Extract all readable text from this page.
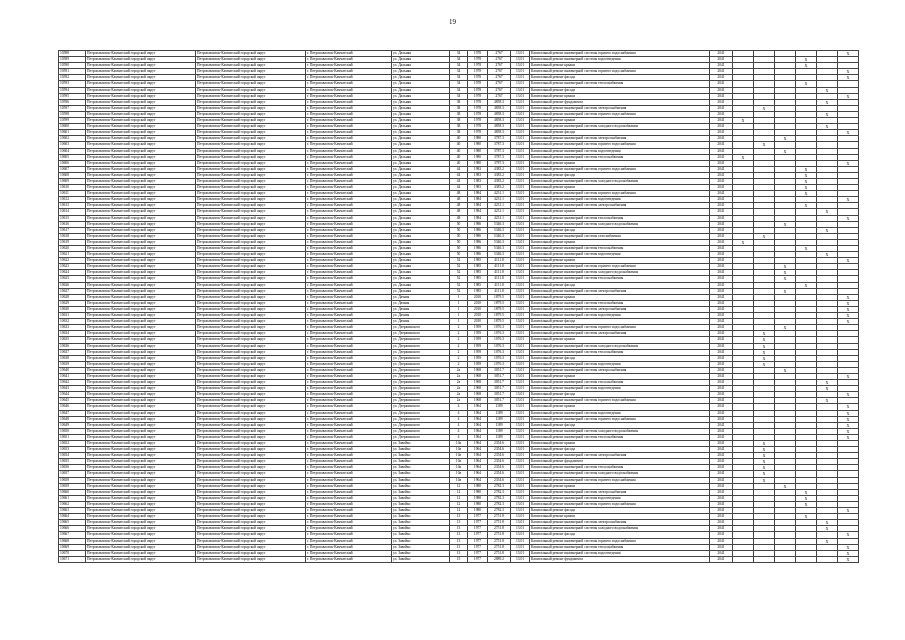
19
10588	Петропавловск-Камчатский городской округ	Петропавловск-Камчатский городской округ	г. Петропавловск-Камчатский	ул. Дальняя	34	1978	2767	13.01	Капитальный ремонт инженерной системы горячего водоснабжения	2041						X
10589	Петропавловск-Камчатский городской округ	Петропавловск-Камчатский городской округ	г. Петропавловск-Камчатский	ул. Дальняя	34	1978	2767	13.01	Капитальный ремонт инженерной системы водоотведения	2041				X		
10590	Петропавловск-Камчатский городской округ	Петропавловск-Камчатский городской округ	г. Петропавловск-Камчатский	ул. Дальняя	34	1978	2767	13.01	Капитальный ремонт крыши	2041				X		
10591	Петропавловск-Камчатский городской округ	Петропавловск-Камчатский городской округ	г. Петропавловск-Камчатский	ул. Дальняя	34	1978	2767	13.01	Капитальный ремонт инженерной системы горячего водоснабжения	2041						X
10592	Петропавловск-Камчатский городской округ	Петропавловск-Камчатский городской округ	г. Петропавловск-Камчатский	ул. Дальняя	34	1978	2767	13.01	Капитальный ремонт фасада	2041						X
10593	Петропавловск-Камчатский городской округ	Петропавловск-Камчатский городской округ	г. Петропавловск-Камчатский	ул. Дальняя	34	1978	2767	13.01	Капитальный ремонт инженерной системы теплоснабжения	2041				X		
10594	Петропавловск-Камчатский городской округ	Петропавловск-Камчатский городской округ	г. Петропавловск-Камчатский	ул. Дальняя	34	1978	2767	13.01	Капитальный ремонт фасада	2041					X	
10595	Петропавловск-Камчатский городской округ	Петропавловск-Камчатский городской округ	г. Петропавловск-Камчатский	ул. Дальняя	34	1978	2767	13.01	Капитальный ремонт крыши	2041						X
10596	Петропавловск-Камчатский городской округ	Петропавловск-Камчатский городской округ	г. Петропавловск-Камчатский	ул. Дальняя	38	1978	4858.3	13.01	Капитальный ремонт фундамента	2041					X	
10597	Петропавловск-Камчатский городской округ	Петропавловск-Камчатский городской округ	г. Петропавловск-Камчатский	ул. Дальняя	38	1978	4858.3	13.01	Капитальный ремонт инженерной системы электроснабжения	2041		X				
10598	Петропавловск-Камчатский городской округ	Петропавловск-Камчатский городской округ	г. Петропавловск-Камчатский	ул. Дальняя	38	1978	4858.3	13.01	Капитальный ремонт инженерной системы горячего водоснабжения	2041					X	
10599	Петропавловск-Камчатский городской округ	Петропавловск-Камчатский городской округ	г. Петропавловск-Камчатский	ул. Дальняя	38	1978	4858.3	13.01	Капитальный ремонт крыши	2041	X					
10600	Петропавловск-Камчатский городской округ	Петропавловск-Камчатский городской округ	г. Петропавловск-Камчатский	ул. Дальняя	38	1978	4858.3	13.01	Капитальный ремонт инженерной системы холодного водоснабжения	2041					X	
10601	Петропавловск-Камчатский городской округ	Петропавловск-Камчатский городской округ	г. Петропавловск-Камчатский	ул. Дальняя	38	1978	4858.3	13.01	Капитальный ремонт фасада	2041						X
10602	Петропавловск-Камчатский городской округ	Петропавловск-Камчатский городской округ	г. Петропавловск-Камчатский	ул. Дальняя	40	1980	3787.3	13.01	Капитальный ремонт инженерной системы электроснабжения	2041			X			
10603	Петропавловск-Камчатский городской округ	Петропавловск-Камчатский городской округ	г. Петропавловск-Камчатский	ул. Дальняя	40	1980	3787.3	13.01	Капитальный ремонт инженерной системы горячего водоснабжения	2041		X				
10604	Петропавловск-Камчатский городской округ	Петропавловск-Камчатский городской округ	г. Петропавловск-Камчатский	ул. Дальняя	40	1980	3787.3	13.01	Капитальный ремонт инженерной системы водоотведения	2041			X			
10605	Петропавловск-Камчатский городской округ	Петропавловск-Камчатский городской округ	г. Петропавловск-Камчатский	ул. Дальняя	40	1980	3787.3	13.01	Капитальный ремонт инженерной системы теплоснабжения	2041	X					
10606	Петропавловск-Камчатский городской округ	Петропавловск-Камчатский городской округ	г. Петропавловск-Камчатский	ул. Дальняя	40	1980	3787.3	13.01	Капитальный ремонт крыши	2041						X
10607	Петропавловск-Камчатский городской округ	Петропавловск-Камчатский городской округ	г. Петропавловск-Камчатский	ул. Дальняя	44	1983	4383.2	13.01	Капитальный ремонт инженерной системы горячего водоснабжения	2041				X		
10608	Петропавловск-Камчатский городской округ	Петропавловск-Камчатский городской округ	г. Петропавловск-Камчатский	ул. Дальняя	44	1983	4383.2	13.01	Капитальный ремонт фасада	2041				X		
10609	Петропавловск-Камчатский городской округ	Петропавловск-Камчатский городской округ	г. Петропавловск-Камчатский	ул. Дальняя	44	1983	4383.2	13.01	Капитальный ремонт инженерной системы холодного водоснабжения	2041				X		
10610	Петропавловск-Камчатский городской округ	Петропавловск-Камчатский городской округ	г. Петропавловск-Камчатский	ул. Дальняя	44	1983	4383.2	13.01	Капитальный ремонт крыши	2041				X		
10611	Петропавловск-Камчатский городской округ	Петропавловск-Камчатский городской округ	г. Петропавловск-Камчатский	ул. Дальняя	48	1984	4231.1	13.01	Капитальный ремонт инженерной системы горячего водоснабжения	2041				X		
10612	Петропавловск-Камчатский городской округ	Петропавловск-Камчатский городской округ	г. Петропавловск-Камчатский	ул. Дальняя	48	1984	4231.1	13.01	Капитальный ремонт инженерной системы водоотведения	2041						X
10613	Петропавловск-Камчатский городской округ	Петропавловск-Камчатский городской округ	г. Петропавловск-Камчатский	ул. Дальняя	48	1984	4231.1	13.01	Капитальный ремонт инженерной системы электроснабжения	2041				X		
10614	Петропавловск-Камчатский городской округ	Петропавловск-Камчатский городской округ	г. Петропавловск-Камчатский	ул. Дальняя	48	1984	4231.1	13.01	Капитальный ремонт крыши	2041					X	
10615	Петропавловск-Камчатский городской округ	Петропавловск-Камчатский городской округ	г. Петропавловск-Камчатский	ул. Дальняя	48	1984	4231.1	13.01	Капитальный ремонт инженерной системы теплоснабжения	2041						X
10616	Петропавловск-Камчатский городской округ	Петропавловск-Камчатский городской округ	г. Петропавловск-Камчатский	ул. Дальняя	50	1986	5346.3	13.01	Капитальный ремонт инженерной системы холодного водоснабжения	2041			X			
10617	Петропавловск-Камчатский городской округ	Петропавловск-Камчатский городской округ	г. Петропавловск-Камчатский	ул. Дальняя	50	1986	5346.3	13.01	Капитальный ремонт фасада	2041					X	
10618	Петропавловск-Камчатский городской округ	Петропавловск-Камчатский городской округ	г. Петропавловск-Камчатский	ул. Дальняя	50	1986	5346.3	13.01	Капитальный ремонт инженерной системы газоснабжения	2041		X				
10619	Петропавловск-Камчатский городской округ	Петропавловск-Камчатский городской округ	г. Петропавловск-Камчатский	ул. Дальняя	50	1986	5346.3	13.01	Капитальный ремонт крыши	2041	X					
10620	Петропавловск-Камчатский городской округ	Петропавловск-Камчатский городской округ	г. Петропавловск-Камчатский	ул. Дальняя	50	1986	5346.3	13.01	Капитальный ремонт инженерной системы теплоснабжения	2041				X		
10621	Петропавловск-Камчатский городской округ	Петропавловск-Камчатский городской округ	г. Петропавловск-Камчатский	ул. Дальняя	50	1986	5346.3	13.01	Капитальный ремонт инженерной системы водоотведения	2041					X	
10622	Петропавловск-Камчатский городской округ	Петропавловск-Камчатский городской округ	г. Петропавловск-Камчатский	ул. Дальняя	52	1985	4111.8	13.01	Капитальный ремонт крыши	2041						X
10623	Петропавловск-Камчатский городской округ	Петропавловск-Камчатский городской округ	г. Петропавловск-Камчатский	ул. Дальняя	52	1985	4111.8	13.01	Капитальный ремонт инженерной системы горячего водоснабжения	2041			X			
10624	Петропавловск-Камчатский городской округ	Петропавловск-Камчатский городской округ	г. Петропавловск-Камчатский	ул. Дальняя	52	1985	4111.8	13.01	Капитальный ремонт инженерной системы холодного водоснабжения	2041			X			
10625	Петропавловск-Камчатский городской округ	Петропавловск-Камчатский городской округ	г. Петропавловск-Камчатский	ул. Дальняя	52	1985	4111.8	13.01	Капитальный ремонт инженерной системы теплоснабжения	2041			X			
10626	Петропавловск-Камчатский городской округ	Петропавловск-Камчатский городской округ	г. Петропавловск-Камчатский	ул. Дальняя	52	1985	4111.8	13.01	Капитальный ремонт фасада	2041				X		
10627	Петропавловск-Камчатский городской округ	Петропавловск-Камчатский городской округ	г. Петропавловск-Камчатский	ул. Дальняя	52	1985	4111.8	13.01	Капитальный ремонт инженерной системы электроснабжения	2041			X			
10628	Петропавловск-Камчатский городской округ	Петропавловск-Камчатский городской округ	г. Петропавловск-Камчатский	ул. Дачная	1	2010	1879.5	13.01	Капитальный ремонт крыши	2041						X
10629	Петропавловск-Камчатский городской округ	Петропавловск-Камчатский городской округ	г. Петропавловск-Камчатский	ул. Дачная	1	2010	1879.5	13.01	Капитальный ремонт инженерной системы теплоснабжения	2041						X
10630	Петропавловск-Камчатский городской округ	Петропавловск-Камчатский городской округ	г. Петропавловск-Камчатский	ул. Дачная	1	2010	1879.5	13.01	Капитальный ремонт инженерной системы электроснабжения	2041						X
10631	Петропавловск-Камчатский городской округ	Петропавловск-Камчатский городской округ	г. Петропавловск-Камчатский	ул. Дачная	1	2010	1879.5	13.01	Капитальный ремонт инженерной системы водоотведения	2041						X
10632	Петропавловск-Камчатский городской округ	Петропавловск-Камчатский городской округ	г. Петропавловск-Камчатский	ул. Дачная	1	2010	1879.5	13.01	Капитальный ремонт фасада	2041						X
10633	Петропавловск-Камчатский городской округ	Петропавловск-Камчатский городской округ	г. Петропавловск-Камчатский	ул. Дзержинского	2	1959	1076.3	13.01	Капитальный ремонт инженерной системы горячего водоснабжения	2041			X			
10634	Петропавловск-Камчатский городской округ	Петропавловск-Камчатский городской округ	г. Петропавловск-Камчатский	ул. Дзержинского	2	1959	1076.3	13.01	Капитальный ремонт инженерной системы электроснабжения	2041		X				
10635	Петропавловск-Камчатский городской округ	Петропавловск-Камчатский городской округ	г. Петропавловск-Камчатский	ул. Дзержинского	2	1959	1076.3	13.01	Капитальный ремонт крыши	2041		X				
10636	Петропавловск-Камчатский городской округ	Петропавловск-Камчатский городской округ	г. Петропавловск-Камчатский	ул. Дзержинского	2	1959	1076.3	13.01	Капитальный ремонт инженерной системы холодного водоснабжения	2041		X				
10637	Петропавловск-Камчатский городской округ	Петропавловск-Камчатский городской округ	г. Петропавловск-Камчатский	ул. Дзержинского	2	1959	1076.3	13.01	Капитальный ремонт инженерной системы теплоснабжения	2041		X				
10638	Петропавловск-Камчатский городской округ	Петропавловск-Камчатский городской округ	г. Петропавловск-Камчатский	ул. Дзержинского	2	1959	1076.3	13.01	Капитальный ремонт фасада	2041		X				
10639	Петропавловск-Камчатский городской округ	Петропавловск-Камчатский городской округ	г. Петропавловск-Камчатский	ул. Дзержинского	2	1959	1076.3	13.01	Капитальный ремонт инженерной системы водоотведения	2041		X				
10640	Петропавловск-Камчатский городской округ	Петропавловск-Камчатский городской округ	г. Петропавловск-Камчатский	ул. Дзержинского	2а	1968	3051.7	13.01	Капитальный ремонт инженерной системы электроснабжения	2041			X			
10641	Петропавловск-Камчатский городской округ	Петропавловск-Камчатский городской округ	г. Петропавловск-Камчатский	ул. Дзержинского	2а	1968	3051.7	13.01	Капитальный ремонт крыши	2041						X
10642	Петропавловск-Камчатский городской округ	Петропавловск-Камчатский городской округ	г. Петропавловск-Камчатский	ул. Дзержинского	2а	1968	3051.7	13.01	Капитальный ремонт инженерной системы теплоснабжения	2041					X	
10643	Петропавловск-Камчатский городской округ	Петропавловск-Камчатский городской округ	г. Петропавловск-Камчатский	ул. Дзержинского	2а	1968	3051.7	13.01	Капитальный ремонт инженерной системы водоотведения	2041					X	
10644	Петропавловск-Камчатский городской округ	Петропавловск-Камчатский городской округ	г. Петропавловск-Камчатский	ул. Дзержинского	2а	1968	3051.7	13.01	Капитальный ремонт фасада	2041						X
10645	Петропавловск-Камчатский городской округ	Петропавловск-Камчатский городской округ	г. Петропавловск-Камчатский	ул. Дзержинского	2а	1968	3051.7	13.01	Капитальный ремонт инженерной системы горячего водоснабжения	2041					X	
10646	Петропавловск-Камчатский городской округ	Петропавловск-Камчатский городской округ	г. Петропавловск-Камчатский	ул. Дзержинского	4	1964	1189	13.01	Капитальный ремонт крыши	2041						X
10647	Петропавловск-Камчатский городской округ	Петропавловск-Камчатский городской округ	г. Петропавловск-Камчатский	ул. Дзержинского	4	1964	1189	13.01	Капитальный ремонт инженерной системы водоотведения	2041						X
10648	Петропавловск-Камчатский городской округ	Петропавловск-Камчатский городской округ	г. Петропавловск-Камчатский	ул. Дзержинского	4	1964	1189	13.01	Капитальный ремонт инженерной системы горячего водоснабжения	2041						X
10649	Петропавловск-Камчатский городской округ	Петропавловск-Камчатский городской округ	г. Петропавловск-Камчатский	ул. Дзержинского	4	1964	1189	13.01	Капитальный ремонт фасада	2041						X
10650	Петропавловск-Камчатский городской округ	Петропавловск-Камчатский городской округ	г. Петропавловск-Камчатский	ул. Дзержинского	4	1964	1189	13.01	Капитальный ремонт инженерной системы холодного водоснабжения	2041						X
10651	Петропавловск-Камчатский городской округ	Петропавловск-Камчатский городской округ	г. Петропавловск-Камчатский	ул. Дзержинского	4	1964	1189	13.01	Капитальный ремонт инженерной системы теплоснабжения	2041						X
10652	Петропавловск-Камчатский городской округ	Петропавловск-Камчатский городской округ	г. Петропавловск-Камчатский	ул. Завойко	10а	1964	2354.6	13.01	Капитальный ремонт крыши	2041		X				
10653	Петропавловск-Камчатский городской округ	Петропавловск-Камчатский городской округ	г. Петропавловск-Камчатский	ул. Завойко	10а	1964	2354.6	13.01	Капитальный ремонт фасада	2041		X				
10654	Петропавловск-Камчатский городской округ	Петропавловск-Камчатский городской округ	г. Петропавловск-Камчатский	ул. Завойко	10а	1964	2354.6	13.01	Капитальный ремонт инженерной системы электроснабжения	2041		X				
10655	Петропавловск-Камчатский городской округ	Петропавловск-Камчатский городской округ	г. Петропавловск-Камчатский	ул. Завойко	10а	1964	2354.6	13.01	Капитальный ремонт фундамента	2041		X				
10656	Петропавловск-Камчатский городской округ	Петропавловск-Камчатский городской округ	г. Петропавловск-Камчатский	ул. Завойко	10а	1964	2354.6	13.01	Капитальный ремонт инженерной системы теплоснабжения	2041		X				
10657	Петропавловск-Камчатский городской округ	Петропавловск-Камчатский городской округ	г. Петропавловск-Камчатский	ул. Завойко	10а	1964	2354.6	13.01	Капитальный ремонт инженерной системы холодного водоснабжения	2041		X				
10658	Петропавловск-Камчатский городской округ	Петропавловск-Камчатский городской округ	г. Петропавловск-Камчатский	ул. Завойко	10а	1964	2354.6	13.01	Капитальный ремонт инженерной системы горячего водоснабжения	2041		X				
10659	Петропавловск-Камчатский городской округ	Петропавловск-Камчатский городской округ	г. Петропавловск-Камчатский	ул. Завойко	12	1980	2782.3	13.01	Капитальный ремонт крыши	2041			X			
10660	Петропавловск-Камчатский городской округ	Петропавловск-Камчатский городской округ	г. Петропавловск-Камчатский	ул. Завойко	12	1980	2782.3	13.01	Капитальный ремонт инженерной системы электроснабжения	2041				X		
10661	Петропавловск-Камчатский городской округ	Петропавловск-Камчатский городской округ	г. Петропавловск-Камчатский	ул. Завойко	12	1980	2782.3	13.01	Капитальный ремонт инженерной системы водоотведения	2041				X		
10662	Петропавловск-Камчатский городской округ	Петропавловск-Камчатский городской округ	г. Петропавловск-Камчатский	ул. Завойко	12	1980	2782.3	13.01	Капитальный ремонт инженерной системы горячего водоснабжения	2041				X		
10663	Петропавловск-Камчатский городской округ	Петропавловск-Камчатский городской округ	г. Петропавловск-Камчатский	ул. Завойко	12	1980	2782.3	13.01	Капитальный ремонт фасада	2041						X
10664	Петропавловск-Камчатский городской округ	Петропавловск-Камчатский городской округ	г. Петропавловск-Камчатский	ул. Завойко	13	1977	2751.8	13.01	Капитальный ремонт крыши	2041				X		
10665	Петропавловск-Камчатский городской округ	Петропавловск-Камчатский городской округ	г. Петропавловск-Камчатский	ул. Завойко	13	1977	2751.8	13.01	Капитальный ремонт инженерной системы электроснабжения	2041					X	
10666	Петропавловск-Камчатский городской округ	Петропавловск-Камчатский городской округ	г. Петропавловск-Камчатский	ул. Завойко	13	1977	2751.8	13.01	Капитальный ремонт инженерной системы холодного водоснабжения	2041					X	
10667	Петропавловск-Камчатский городской округ	Петропавловск-Камчатский городской округ	г. Петропавловск-Камчатский	ул. Завойко	13	1977	2751.8	13.01	Капитальный ремонт фасада	2041						X
10668	Петропавловск-Камчатский городской округ	Петропавловск-Камчатский городской округ	г. Петропавловск-Камчатский	ул. Завойко	13	1977	2751.8	13.01	Капитальный ремонт инженерной системы горячего водоснабжения	2041					X	
10669	Петропавловск-Камчатский городской округ	Петропавловск-Камчатский городской округ	г. Петропавловск-Камчатский	ул. Завойко	13	1977	2751.8	13.01	Капитальный ремонт инженерной системы теплоснабжения	2041						X
10670	Петропавловск-Камчатский городской округ	Петропавловск-Камчатский городской округ	г. Петропавловск-Камчатский	ул. Завойко	13	1977	2751.8	13.01	Капитальный ремонт инженерной системы водоотведения	2041						X
10671	Петропавловск-Камчатский городской округ	Петропавловск-Камчатский городской округ	г. Петропавловск-Камчатский	ул. Завойко	15	1977	2889.2	13.01	Капитальный ремонт фундамента	2041						X
